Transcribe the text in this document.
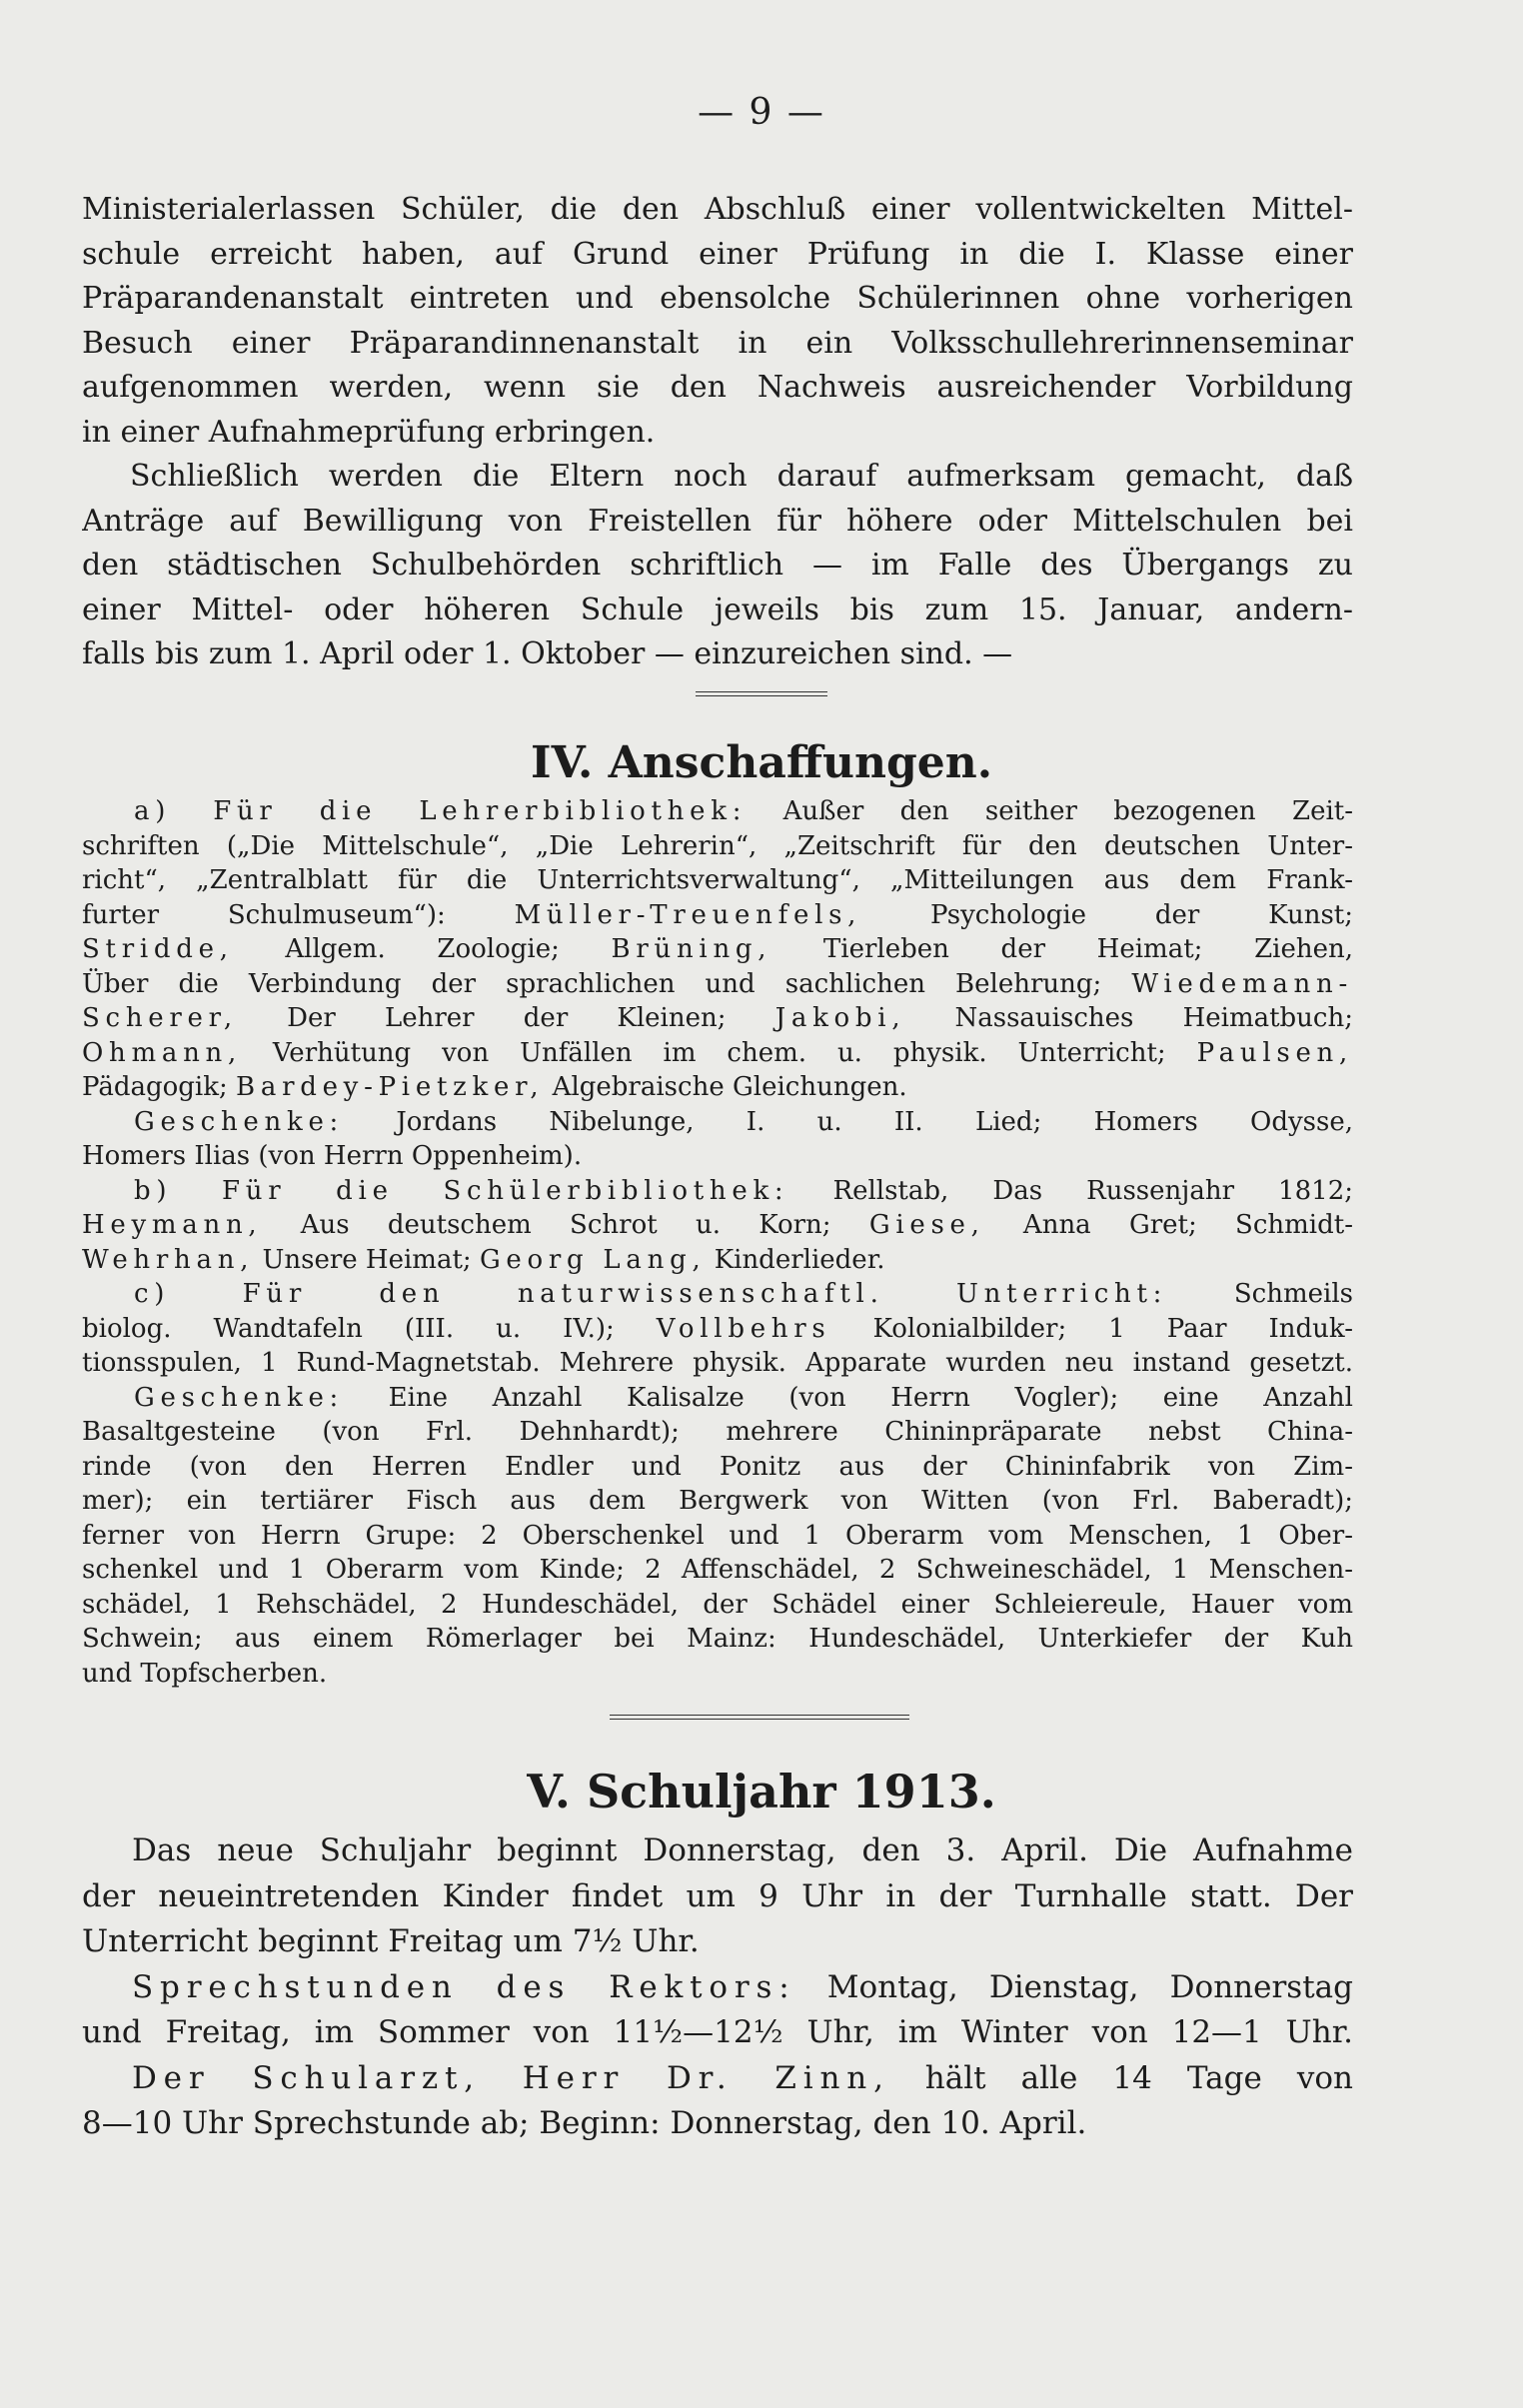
— 9 —
Ministerialerlassen Schüler, die den Abschluß einer vollentwickelten Mittel-
schule erreicht haben, auf Grund einer Prüfung in die I. Klasse einer
Präparandenanstalt eintreten und ebensolche Schülerinnen ohne vorherigen
Besuch einer Präparandinnenanstalt in ein Volksschullehrerinnenseminar
aufgenommen werden, wenn sie den Nachweis ausreichender Vorbildung
in einer Aufnahmeprüfung erbringen.
Schließlich werden die Eltern noch darauf aufmerksam gemacht, daß
Anträge auf Bewilligung von Freistellen für höhere oder Mittelschulen bei
den städtischen Schulbehörden schriftlich — im Falle des Übergangs zu
einer Mittel- oder höheren Schule jeweils bis zum 15. Januar, andern-
falls bis zum 1. April oder 1. Oktober — einzureichen sind. —
IV. Anschaffungen.
a) Für die Lehrerbibliothek: Außer den seither bezogenen Zeit-
schriften („Die Mittelschule“, „Die Lehrerin“, „Zeitschrift für den deutschen Unter-
richt“, „Zentralblatt für die Unterrichtsverwaltung“, „Mitteilungen aus dem Frank-
furter Schulmuseum“): Müller-Treuenfels, Psychologie der Kunst;
Stridde, Allgem. Zoologie; Brüning, Tierleben der Heimat; Ziehen,
Über die Verbindung der sprachlichen und sachlichen Belehrung; Wiedemann-
Scherer, Der Lehrer der Kleinen; Jakobi, Nassauisches Heimatbuch;
Ohmann, Verhütung von Unfällen im chem. u. physik. Unterricht; Paulsen,
Pädagogik; Bardey-Pietzker, Algebraische Gleichungen.
Geschenke: Jordans Nibelunge, I. u. II. Lied; Homers Odysse,
Homers Ilias (von Herrn Oppenheim).
b) Für die Schülerbibliothek: Rellstab, Das Russenjahr 1812;
Heymann, Aus deutschem Schrot u. Korn; Giese, Anna Gret; Schmidt-
Wehrhan, Unsere Heimat; Georg Lang, Kinderlieder.
c) Für den naturwissenschaftl. Unterricht: Schmeils
biolog. Wandtafeln (III. u. IV.); Vollbehrs Kolonialbilder; 1 Paar Induk-
tionsspulen, 1 Rund-Magnetstab. Mehrere physik. Apparate wurden neu instand gesetzt.
Geschenke: Eine Anzahl Kalisalze (von Herrn Vogler); eine Anzahl
Basaltgesteine (von Frl. Dehnhardt); mehrere Chininpräparate nebst China-
rinde (von den Herren Endler und Ponitz aus der Chininfabrik von Zim-
mer); ein tertiärer Fisch aus dem Bergwerk von Witten (von Frl. Baberadt);
ferner von Herrn Grupe: 2 Oberschenkel und 1 Oberarm vom Menschen, 1 Ober-
schenkel und 1 Oberarm vom Kinde; 2 Affenschädel, 2 Schweineschädel, 1 Menschen-
schädel, 1 Rehschädel, 2 Hundeschädel, der Schädel einer Schleiereule, Hauer vom
Schwein; aus einem Römerlager bei Mainz: Hundeschädel, Unterkiefer der Kuh
und Topfscherben.
V. Schuljahr 1913.
Das neue Schuljahr beginnt Donnerstag, den 3. April. Die Aufnahme
der neueintretenden Kinder findet um 9 Uhr in der Turnhalle statt. Der
Unterricht beginnt Freitag um 7½ Uhr.
Sprechstunden des Rektors: Montag, Dienstag, Donnerstag
und Freitag, im Sommer von 11½—12½ Uhr, im Winter von 12—1 Uhr.
Der Schularzt, Herr Dr. Zinn, hält alle 14 Tage von
8—10 Uhr Sprechstunde ab; Beginn: Donnerstag, den 10. April.
